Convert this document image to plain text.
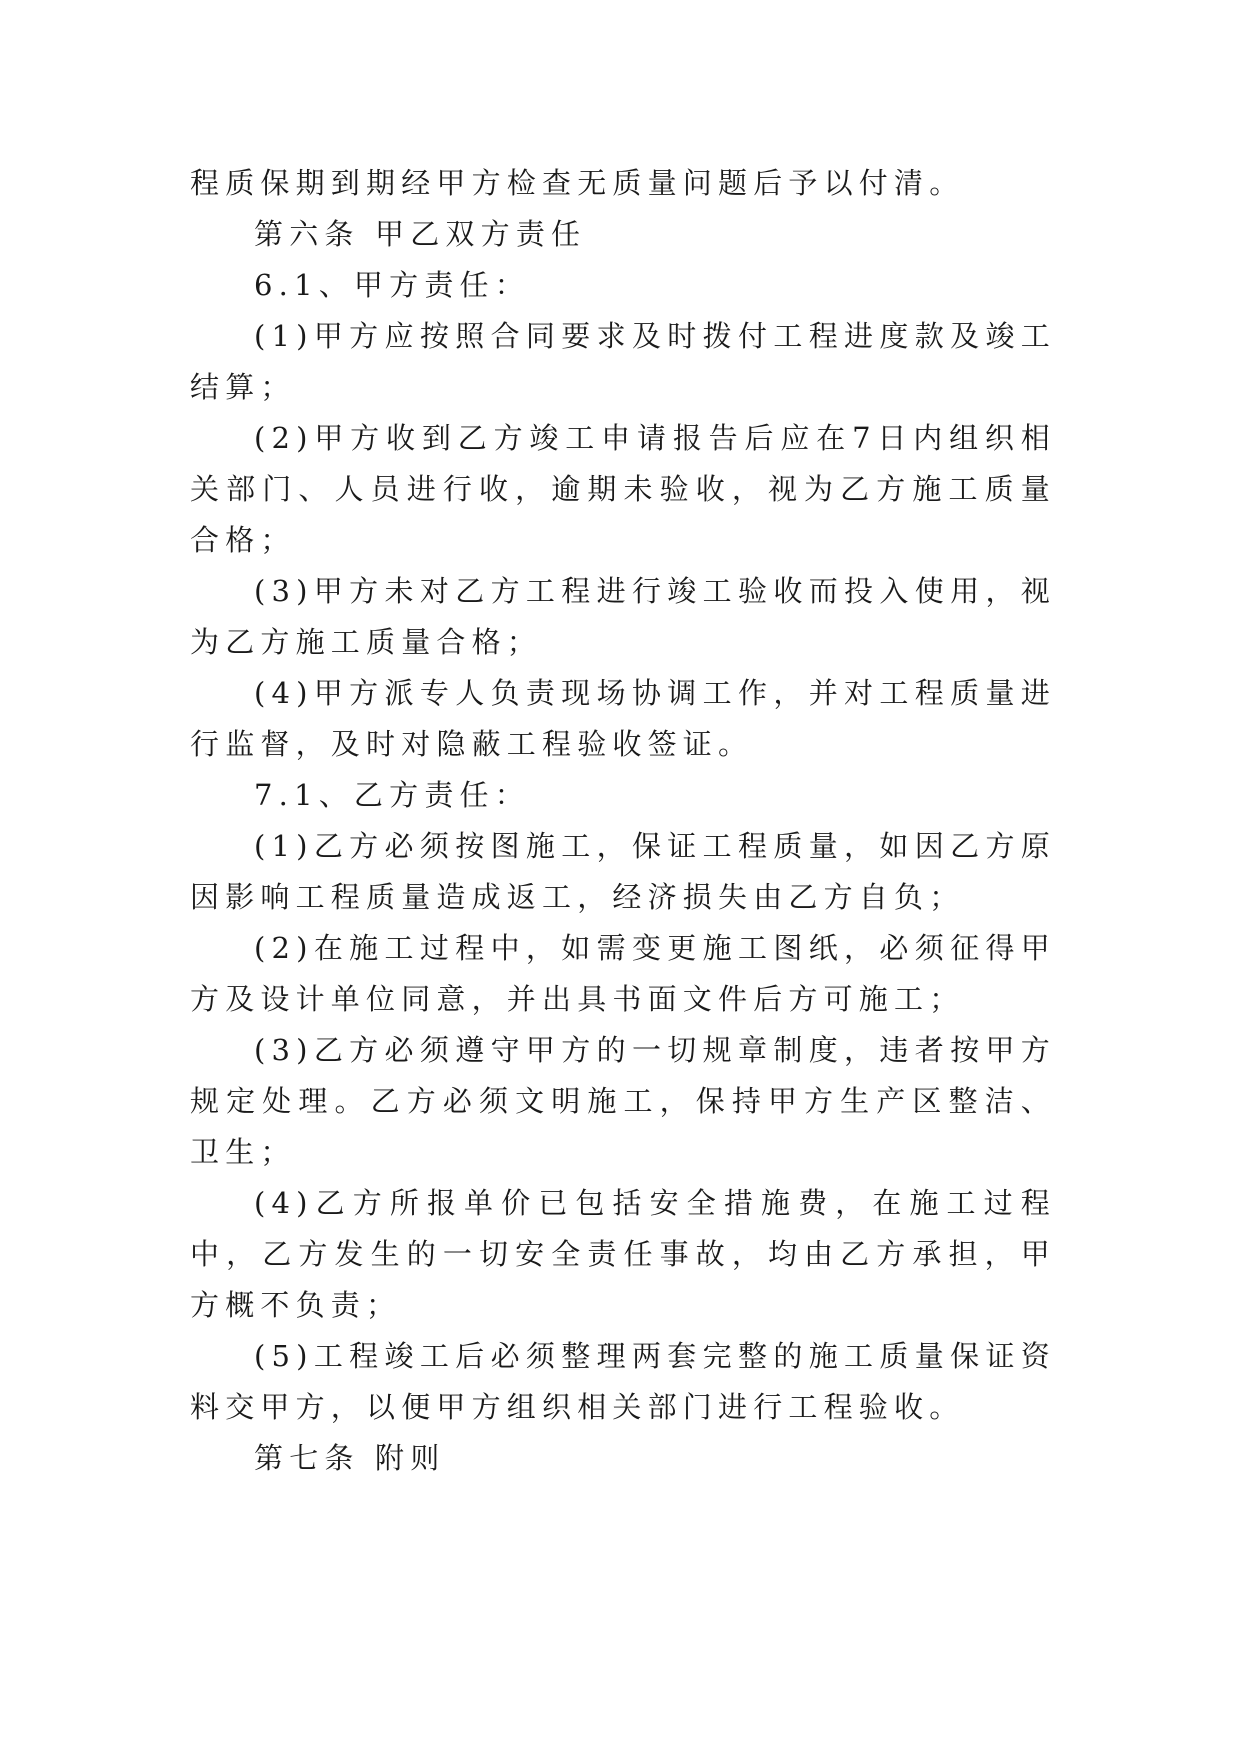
程质保期到期经甲方检查无质量问题后予以付清。

第六条 甲乙双方责任

6.1、甲方责任：

(1)甲方应按照合同要求及时拨付工程进度款及竣工结算；

(2)甲方收到乙方竣工申请报告后应在7日内组织相关部门、人员进行收，逾期未验收，视为乙方施工质量合格；

(3)甲方未对乙方工程进行竣工验收而投入使用，视为乙方施工质量合格；

(4)甲方派专人负责现场协调工作，并对工程质量进行监督，及时对隐蔽工程验收签证。

7.1、乙方责任：

(1)乙方必须按图施工，保证工程质量，如因乙方原因影响工程质量造成返工，经济损失由乙方自负；

(2)在施工过程中，如需变更施工图纸，必须征得甲方及设计单位同意，并出具书面文件后方可施工；

(3)乙方必须遵守甲方的一切规章制度，违者按甲方规定处理。乙方必须文明施工，保持甲方生产区整洁、卫生；

(4)乙方所报单价已包括安全措施费，在施工过程中，乙方发生的一切安全责任事故，均由乙方承担，甲方概不负责；

(5)工程竣工后必须整理两套完整的施工质量保证资料交甲方，以便甲方组织相关部门进行工程验收。

第七条 附则
